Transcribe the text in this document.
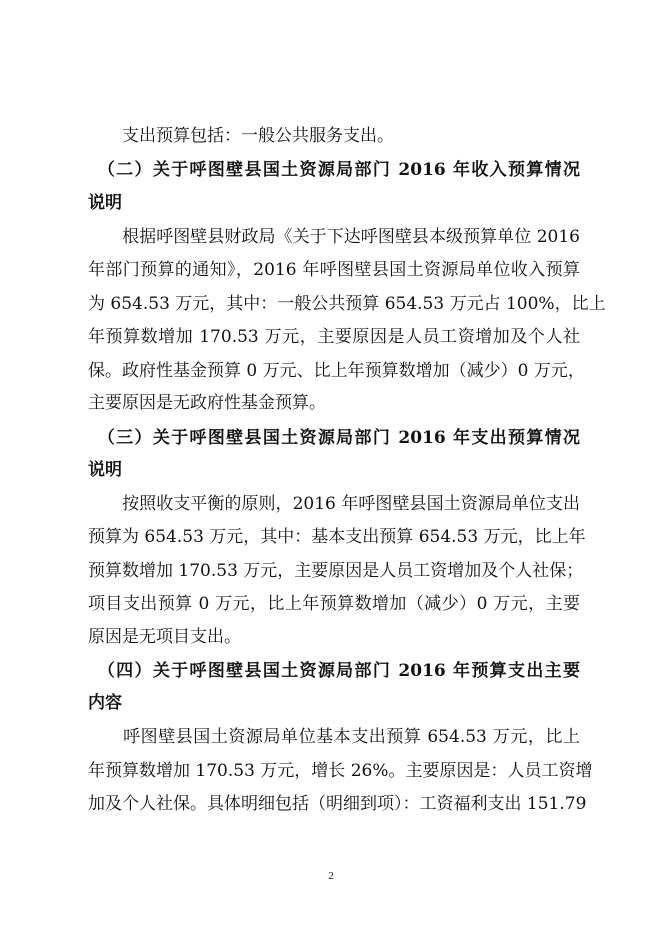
　　支出预算包括：一般公共服务支出。
　（二）关于呼图壁县国土资源局部门 2016 年收入预算情况
说明
　　根据呼图壁县财政局《关于下达呼图壁县本级预算单位 2016
年部门预算的通知》，2016 年呼图壁县国土资源局单位收入预算
为 654.53 万元，其中：一般公共预算 654.53 万元占 100%，比上
年预算数增加 170.53 万元，主要原因是人员工资增加及个人社
保。政府性基金预算 0 万元、比上年预算数增加（减少）0 万元，
主要原因是无政府性基金预算。
　（三）关于呼图壁县国土资源局部门 2016 年支出预算情况
说明
　　按照收支平衡的原则，2016 年呼图壁县国土资源局单位支出
预算为 654.53 万元，其中：基本支出预算 654.53 万元，比上年
预算数增加 170.53 万元，主要原因是人员工资增加及个人社保；
项目支出预算 0 万元，比上年预算数增加（减少）0 万元，主要
原因是无项目支出。
　（四）关于呼图壁县国土资源局部门 2016 年预算支出主要
内容
　　呼图壁县国土资源局单位基本支出预算 654.53 万元，比上
年预算数增加 170.53 万元，增长 26%。主要原因是：人员工资增
加及个人社保。具体明细包括（明细到项）：工资福利支出 151.79
2
